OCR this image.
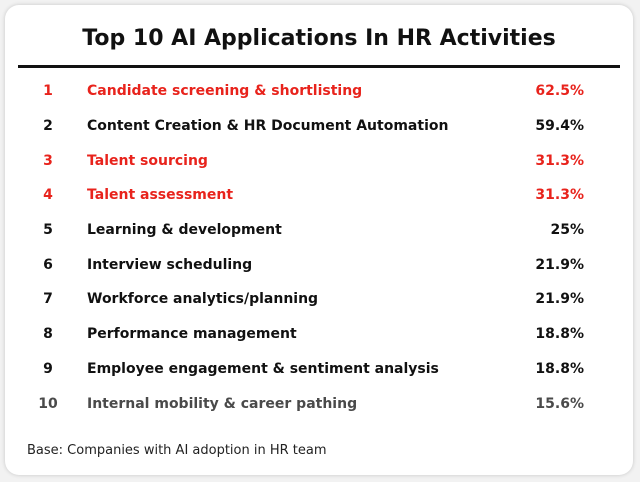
Top 10 AI Applications In HR Activities
1	Candidate screening & shortlisting	62.5%
2	Content Creation & HR Document Automation	59.4%
3	Talent sourcing	31.3%
4	Talent assessment	31.3%
5	Learning & development	25%
6	Interview scheduling	21.9%
7	Workforce analytics/planning	21.9%
8	Performance management	18.8%
9	Employee engagement & sentiment analysis	18.8%
10	Internal mobility & career pathing	15.6%
Base: Companies with AI adoption in HR team
